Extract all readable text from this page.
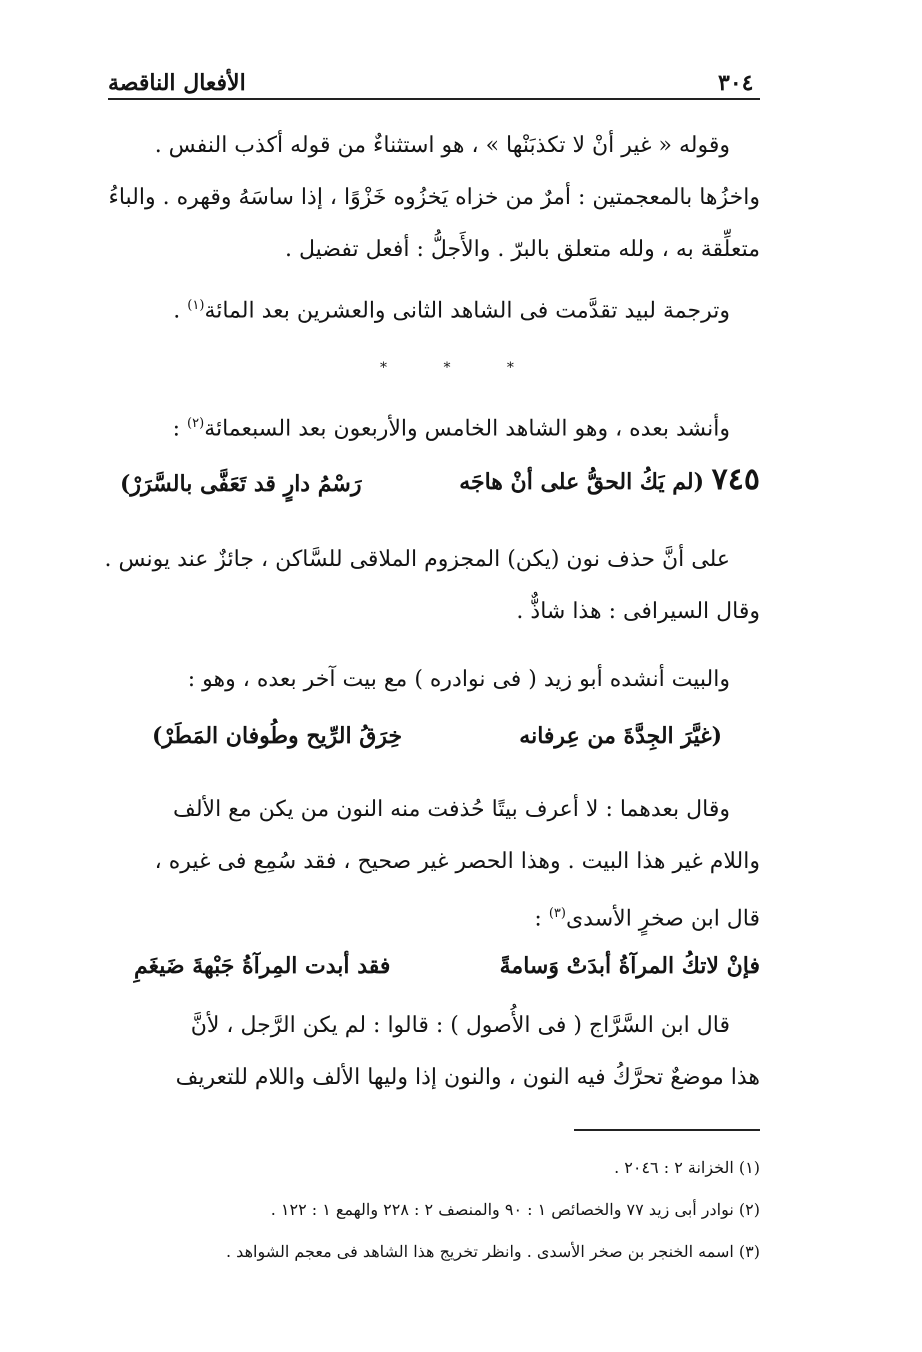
٣٠٤
الأفعال الناقصة
وقوله « غير أنْ لا تكذبَنْها » ، هو استثناءٌ من قوله أكذب النفس .
واخزُها بالمعجمتين : أمرٌ من خزاه يَخزُوه خَزْوًا ، إذا ساسَهُ وقهره . والباءُ
متعلِّقة به ، ولله متعلق بالبرّ . والأَجلُّ : أفعل تفضيل .
وترجمة لبيد تقدَّمت فى الشاهد الثانى والعشرين بعد المائة$^{(١)}$ .
* * *
وأنشد بعده ، وهو الشاهد الخامس والأربعون بعد السبعمائة$^{(٢)}$ :
٧٤٥ (لم يَكُ الحقُّ على أنْ هاجَه
رَسْمُ دارٍ قد تَعَفَّى بالسَّرَرْ)
على أنَّ حذف نون (يكن) المجزوم الملاقى للسَّاكن ، جائزٌ عند يونس .
وقال السيرافى : هذا شاذٌّ .
والبيت أنشده أبو زيد ( فى نوادره ) مع بيت آخر بعده ، وهو :
(غيَّرَ الجِدَّةَ من عِرفانه
خِرَقُ الرِّيح وطُوفان المَطَرْ)
وقال بعدهما : لا أعرف بيتًا حُذفت منه النون من يكن مع الألف
واللام غير هذا البيت . وهذا الحصر غير صحيح ، فقد سُمِع فى غيره ،
قال ابن صخرٍ الأسدى$^{(٣)}$ :
فإنْ لاتكُ المرآةُ أبدَتْ وَسامةً
فقد أبدت المِرآةُ جَبْهةَ ضَيغَمِ
قال ابن السَّرَّاج ( فى الأُصول ) : قالوا : لم يكن الرَّجل ، لأنَّ
هذا موضعٌ تحرَّكُ فيه النون ، والنون إذا وليها الألف واللام للتعريف
(١) الخزانة ٢ : ٢٠٤٦ .
(٢) نوادر أبى زيد ٧٧ والخصائص ١ : ٩٠ والمنصف ٢ : ٢٢٨ والهمع ١ : ١٢٢ .
(٣) اسمه الخنجر بن صخر الأسدى . وانظر تخريج هذا الشاهد فى معجم الشواهد .
